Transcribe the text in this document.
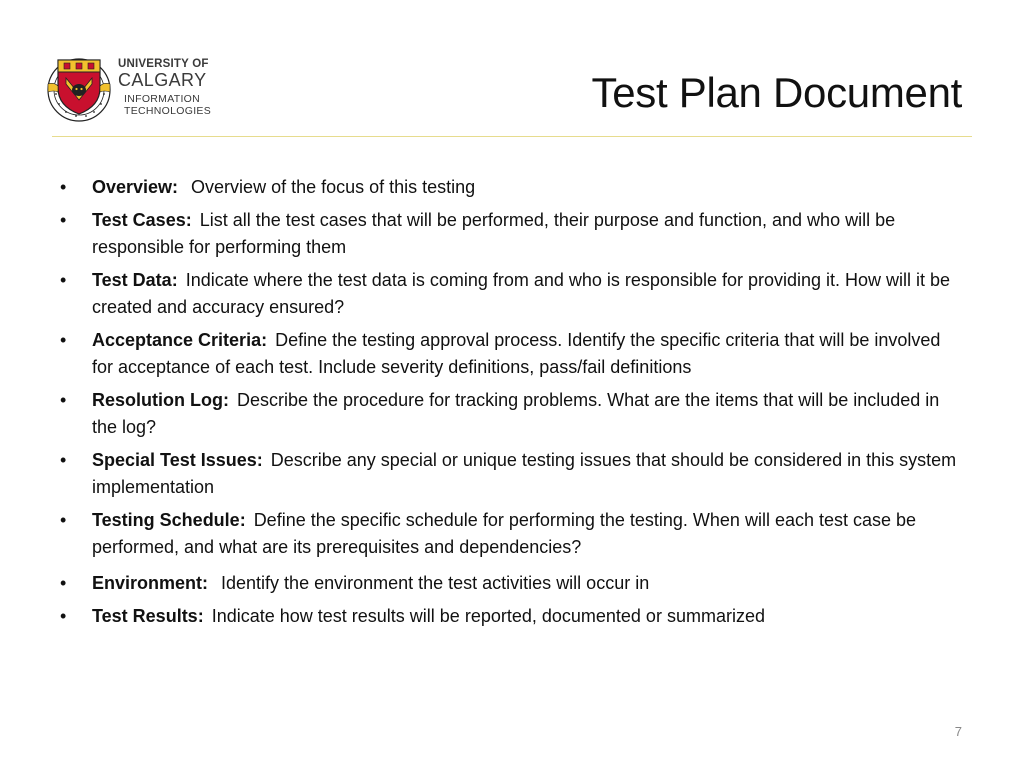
UNIVERSITY OF
CALGARY
INFORMATION
TECHNOLOGIES	Test Plan Document
•	Overview: Overview of the focus of this testing
•	Test Cases: List all the test cases that will be performed, their purpose and function, and who will be responsible for performing them
•	Test Data: Indicate where the test data is coming from and who is responsible for providing it. How will it be created and accuracy ensured?
•	Acceptance Criteria: Define the testing approval process. Identify the specific criteria that will be involved for acceptance of each test. Include severity definitions, pass/fail definitions
•	Resolution Log: Describe the procedure for tracking problems. What are the items that will be included in the log?
•	Special Test Issues: Describe any special or unique testing issues that should be considered in this system implementation
•	Testing Schedule: Define the specific schedule for performing the testing. When will each test case be performed, and what are its prerequisites and dependencies?
•	Environment: Identify the environment the test activities will occur in
•	Test Results: Indicate how test results will be reported, documented or summarized
7
